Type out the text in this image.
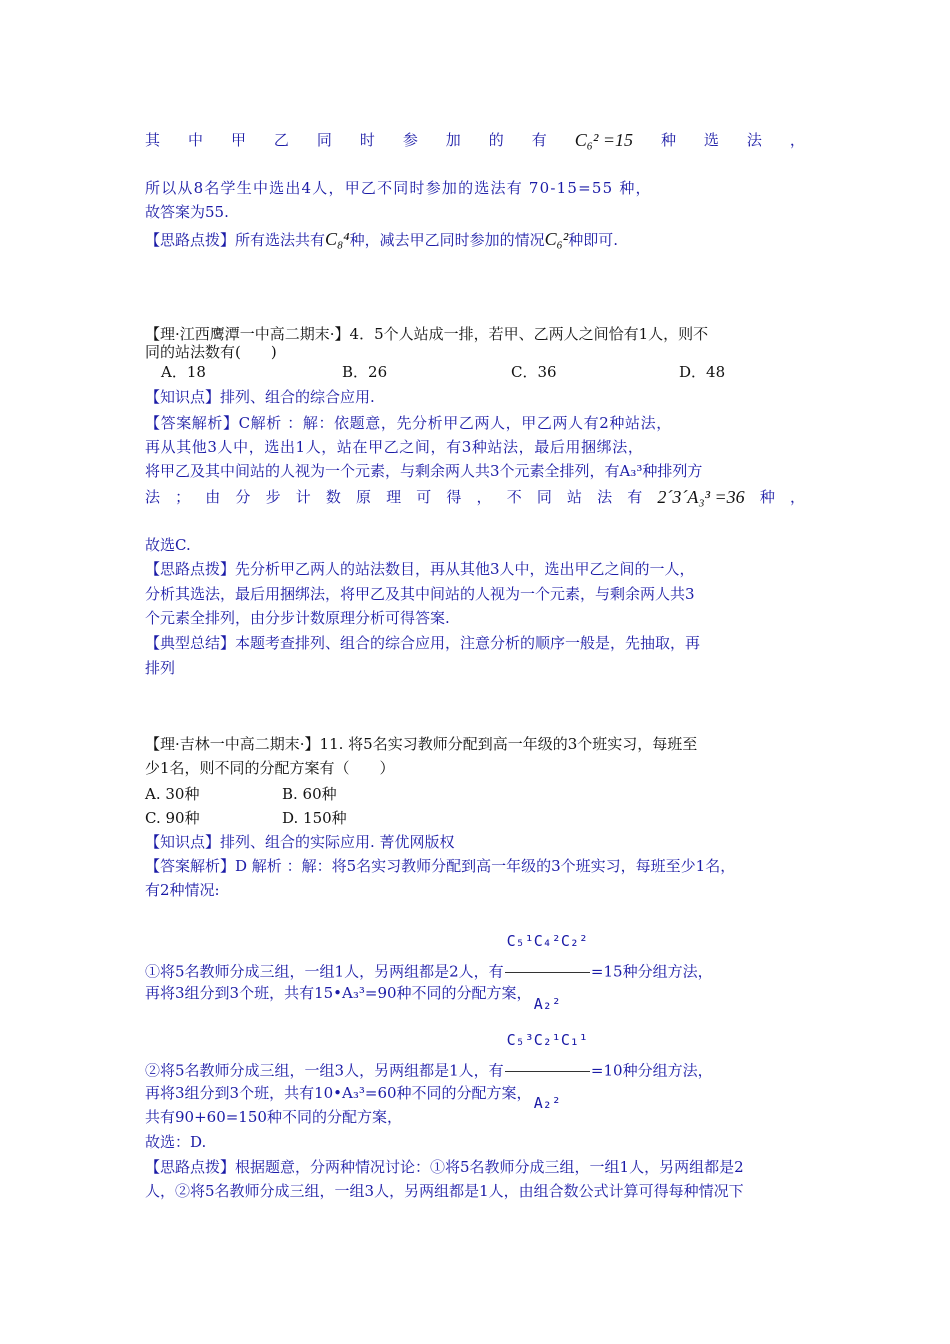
其 中 甲 乙 同 时 参 加 的 有 C₆² =15 种 选 法 ，
所以从8名学生中选出4人，甲乙不同时参加的选法有 70-15=55 种，
故答案为55.
【思路点拨】所有选法共有C₈⁴种，减去甲乙同时参加的情况C₆²种即可.
【理·江西鹰潭一中高二期末·】4．5个人站成一排，若甲、乙两人之间恰有1人，则不
同的站法数有(　　)
A．18	B．26	C．36	D．48
【知识点】排列、组合的综合应用.
【答案解析】C解析 ：解：依题意，先分析甲乙两人，甲乙两人有2种站法，
再从其他3人中，选出1人，站在甲乙之间，有3种站法，最后用捆绑法，
将甲乙及其中间站的人视为一个元素，与剩余两人共3个元素全排列，有A₃³种排列方
法 ； 由 分 步 计 数 原 理 可 得 ， 不 同 站 法 有 2´3´A₃³ =36 种 ，
故选C.
【思路点拨】先分析甲乙两人的站法数目，再从其他3人中，选出甲乙之间的一人，
分析其选法，最后用捆绑法，将甲乙及其中间站的人视为一个元素，与剩余两人共3
个元素全排列，由分步计数原理分析可得答案.
【典型总结】本题考查排列、组合的综合应用，注意分析的顺序一般是，先抽取，再
排列
【理·吉林一中高二期末·】11. 将5名实习教师分配到高一年级的3个班实习，每班至
少1名，则不同的分配方案有（　　）
A. 30种	B. 60种
C. 90种	D. 150种
【知识点】排列、组合的实际应用. 菁优网版权
【答案解析】D 解析 ：解：将5名实习教师分配到高一年级的3个班实习，每班至少1名，
有2种情况:
①将5名教师分成三组，一组1人，另两组都是2人，有 $\frac{\text{C₅¹C₄²C₂²}}{\text{A₂²}} =15$种分组方法，
再将3组分到3个班，共有15•A₃³=90种不同的分配方案，
②将5名教师分成三组，一组3人，另两组都是1人，有 $\frac{\text{C₅³C₂¹C₁¹}}{\text{A₂²}} =10$种分组方法，
再将3组分到3个班，共有10•A₃³=60种不同的分配方案，
共有90+60=150种不同的分配方案，
故选：D.
【思路点拨】根据题意，分两种情况讨论：①将5名教师分成三组，一组1人，另两组都是2
人，②将5名教师分成三组，一组3人，另两组都是1人，由组合数公式计算可得每种情况下
